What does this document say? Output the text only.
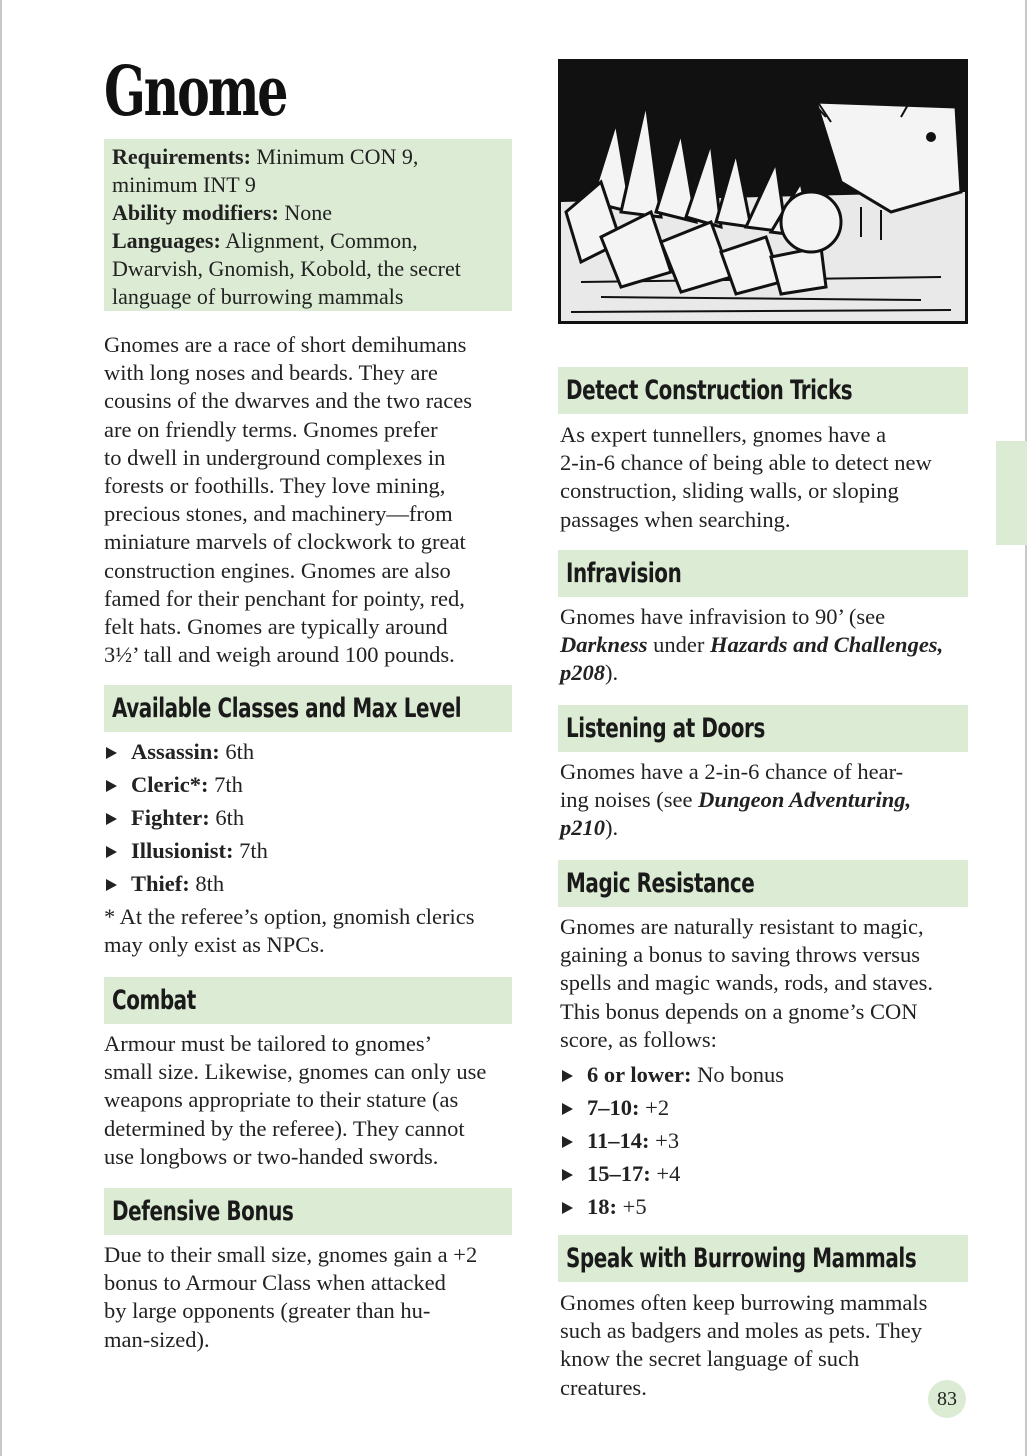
Gnome

Requirements: Minimum CON 9, minimum INT 9

Ability modifiers: None

Languages: Alignment, Common, Dwarvish, Gnomish, Kobold, the secret language of burrowing mammals

Gnomes are a race of short demihumans
with long noses and beards. They are
cousins of the dwarves and the two races
are on friendly terms. Gnomes prefer
to dwell in underground complexes in
forests or foothills. They love mining,
precious stones, and machinery—from
miniature marvels of clockwork to great
construction engines. Gnomes are also
famed for their penchant for pointy, red,
felt hats. Gnomes are typically around
3½’ tall and weigh around 100 pounds.
Available Classes and Max Level
Assassin: 6th
Cleric*: 7th
Fighter: 6th
Illusionist: 7th
Thief: 8th
* At the referee’s option, gnomish clerics
may only exist as NPCs.
Combat
Armour must be tailored to gnomes’
small size. Likewise, gnomes can only use
weapons appropriate to their stature (as
determined by the referee). They cannot
use longbows or two-handed swords.
Defensive Bonus
Due to their small size, gnomes gain a +2
bonus to Armour Class when attacked
by large opponents (greater than hu-
man-sized).
Detect Construction Tricks
As expert tunnellers, gnomes have a
2-in-6 chance of being able to detect new
construction, sliding walls, or sloping
passages when searching.
Infravision
Gnomes have infravision to 90’ (see
Darkness under Hazards and Challenges,
p208).
Listening at Doors
Gnomes have a 2-in-6 chance of hear-
ing noises (see Dungeon Adventuring,
p210).
Magic Resistance
Gnomes are naturally resistant to magic,
gaining a bonus to saving throws versus
spells and magic wands, rods, and staves.
This bonus depends on a gnome’s CON
score, as follows:
6 or lower: No bonus
7–10: +2
11–14: +3
15–17: +4
18: +5
Speak with Burrowing Mammals
Gnomes often keep burrowing mammals
such as badgers and moles as pets. They
know the secret language of such
creatures.	83
